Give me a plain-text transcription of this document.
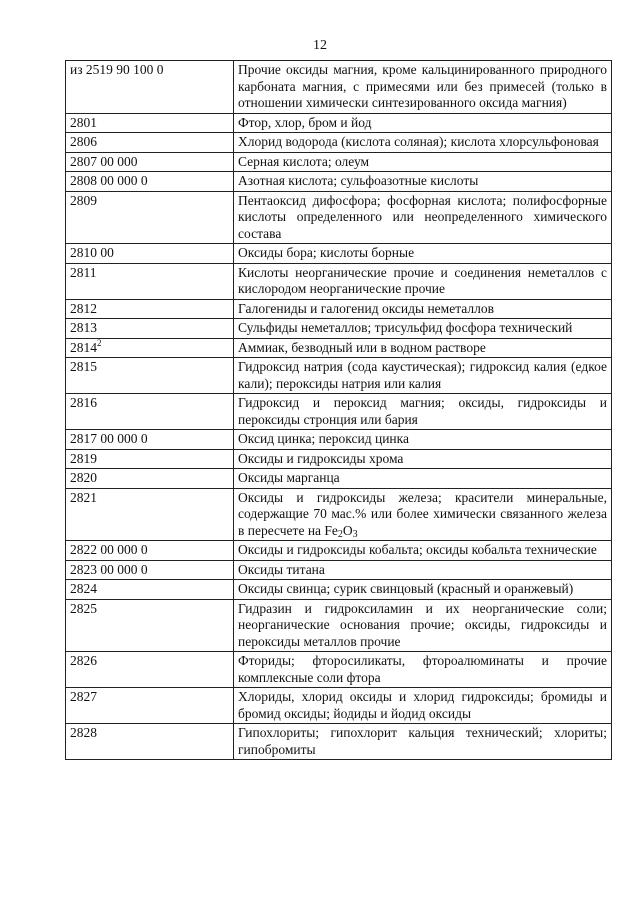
12
из 2519 90 100 0	Прочие оксиды магния, кроме кальцинированного природного карбоната магния, с примесями или без примесей (только в отношении химически синтезированного оксида магния)
2801	Фтор, хлор, бром и йод
2806	Хлорид водорода (кислота соляная); кислота хлорсульфоновая
2807 00 000	Серная кислота; олеум
2808 00 000 0	Азотная кислота; сульфоазотные кислоты
2809	Пентаоксид дифосфора; фосфорная кислота; полифосфорные кислоты определенного или неопределенного химического состава
2810 00	Оксиды бора; кислоты борные
2811	Кислоты неорганические прочие и соединения неметаллов с кислородом неорганические прочие
2812	Галогениды и галогенид оксиды неметаллов
2813	Сульфиды неметаллов; трисульфид фосфора технический
2814$^2$	Аммиак, безводный или в водном растворе
2815	Гидроксид натрия (сода каустическая); гидроксид калия (едкое кали); пероксиды натрия или калия
2816	Гидроксид и пероксид магния; оксиды, гидроксиды и пероксиды стронция или бария
2817 00 000 0	Оксид цинка; пероксид цинка
2819	Оксиды и гидроксиды хрома
2820	Оксиды марганца
2821	Оксиды и гидроксиды железа; красители минеральные, содержащие 70 мас.% или более химически связанного железа в пересчете на $Fe_2O_3$
2822 00 000 0	Оксиды и гидроксиды кобальта; оксиды кобальта технические
2823 00 000 0	Оксиды титана
2824	Оксиды свинца; сурик свинцовый (красный и оранжевый)
2825	Гидразин и гидроксиламин и их неорганические соли; неорганические основания прочие; оксиды, гидроксиды и пероксиды металлов прочие
2826	Фториды; фторосиликаты, фтороалюминаты и прочие комплексные соли фтора
2827	Хлориды, хлорид оксиды и хлорид гидроксиды; бромиды и бромид оксиды; йодиды и йодид оксиды
2828	Гипохлориты; гипохлорит кальция технический; хлориты; гипобромиты
